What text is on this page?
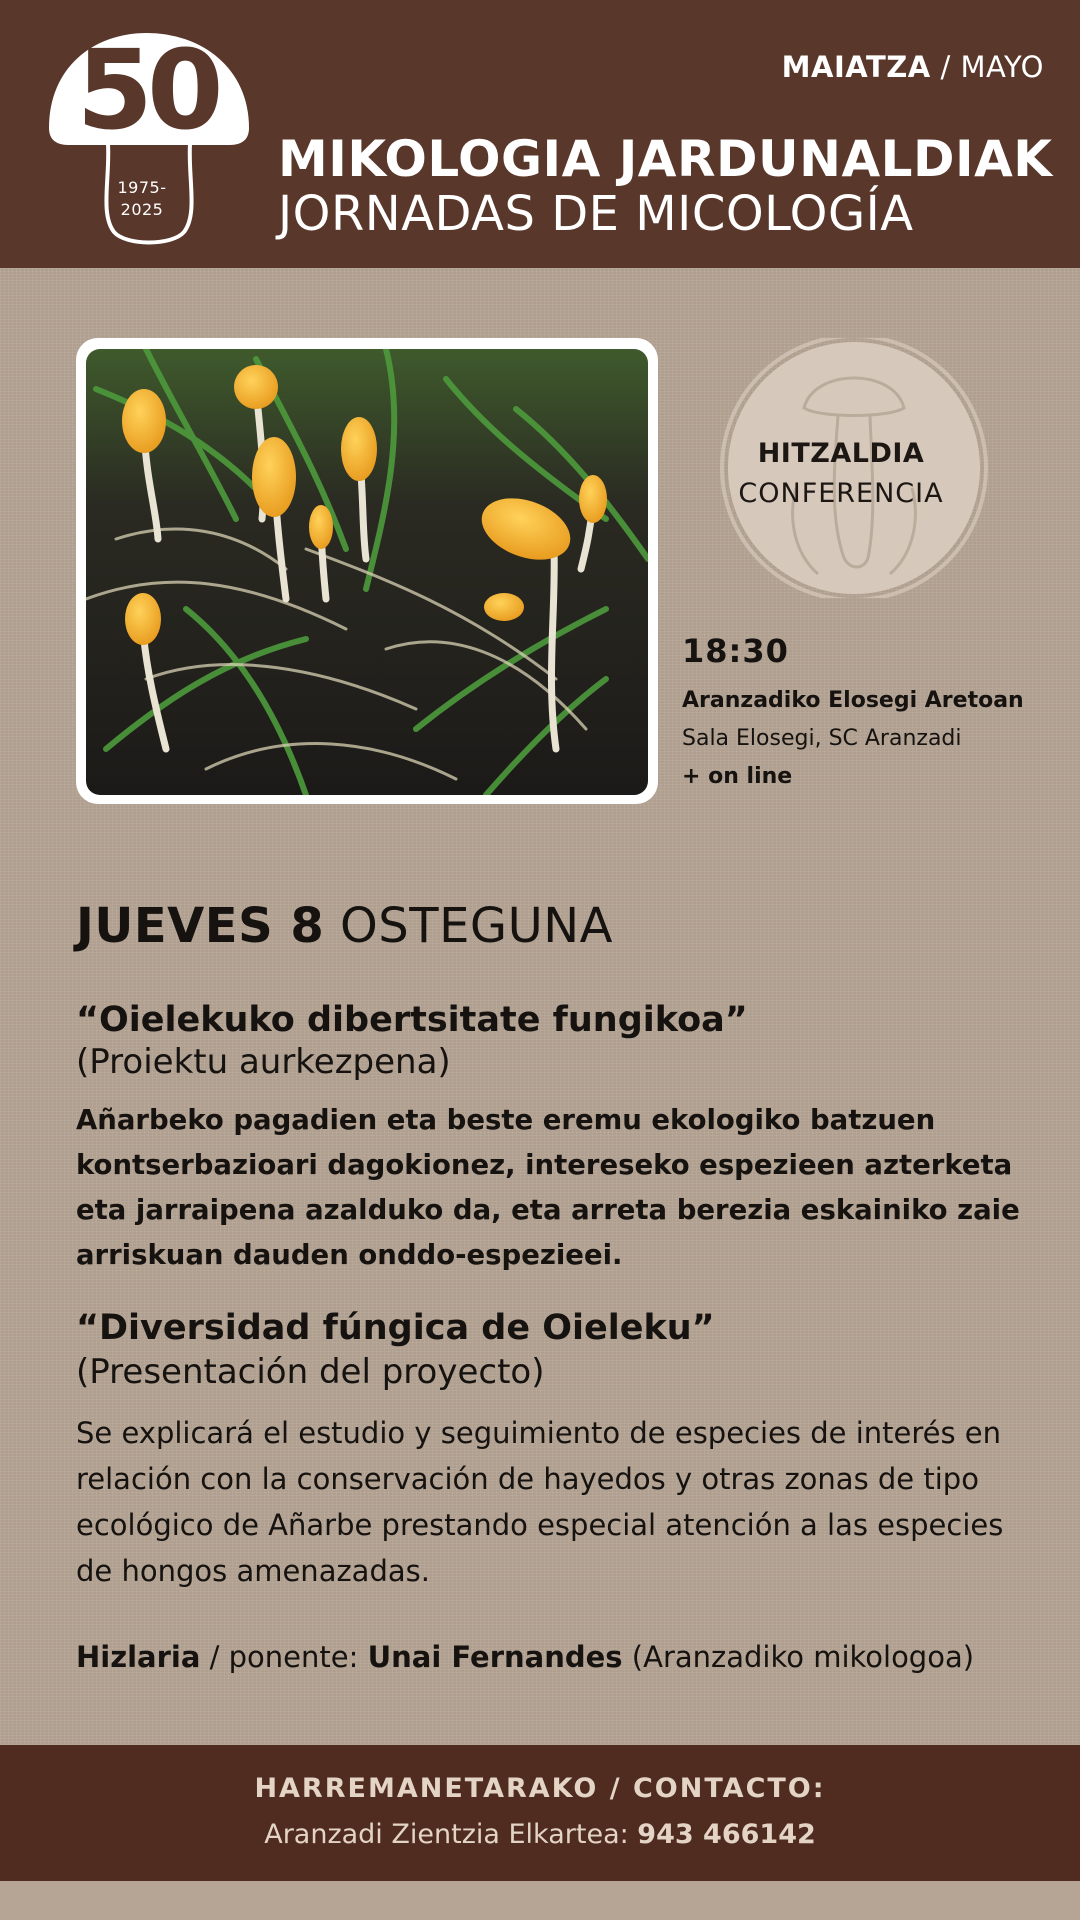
50
1975-
2025
MAIATZA / MAYO
MIKOLOGIA JARDUNALDIAK
JORNADAS DE MICOLOGÍA
HITZALDIA
CONFERENCIA
18:30
Aranzadiko Elosegi Aretoan
Sala Elosegi, SC Aranzadi
+ on line
JUEVES 8 OSTEGUNA
“Oielekuko dibertsitate fungikoa”
(Proiektu aurkezpena)

Añarbeko pagadien eta beste eremu ekologiko batzuen kontserbazioari dagokionez, intereseko espezieen azterketa eta jarraipena azalduko da, eta arreta berezia eskainiko zaie arriskuan dauden onddo-espezieei.

“Diversidad fúngica de Oieleku”
(Presentación del proyecto)

Se explicará el estudio y seguimiento de especies de interés en relación con la conservación de hayedos y otras zonas de tipo ecológico de Añarbe prestando especial atención a las especies de hongos amenazadas.

Hizlaria / ponente: Unai Fernandes (Aranzadiko mikologoa)
HARREMANETARAKO / CONTACTO:
Aranzadi Zientzia Elkartea: 943 466142
